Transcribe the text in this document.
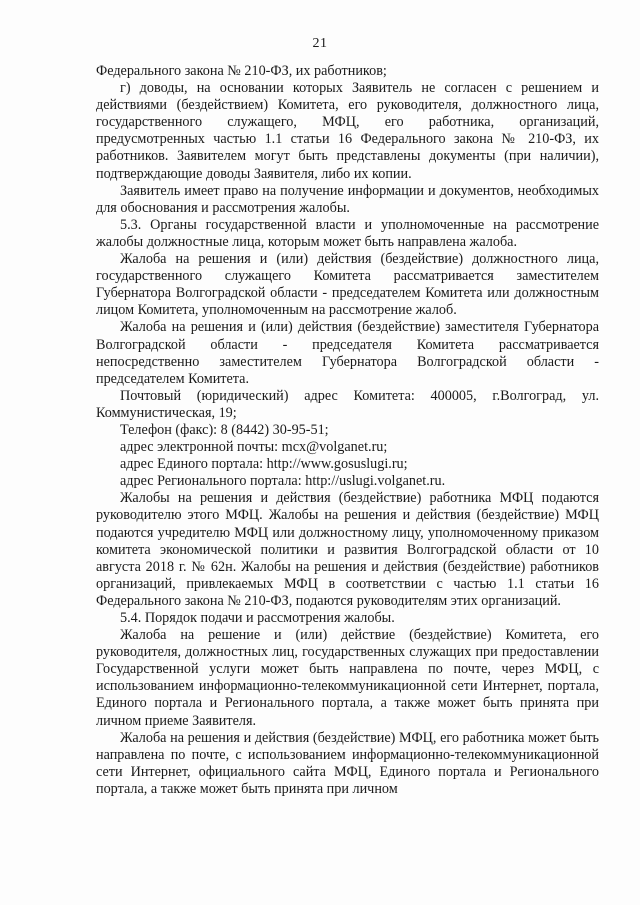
21

Федерального закона № 210-ФЗ, их работников;

г) доводы, на основании которых Заявитель не согласен с решением и действиями (бездействием) Комитета, его руководителя, должностного лица, государственного служащего, МФЦ, его работника, организаций, предусмотренных частью 1.1 статьи 16 Федерального закона № 210-ФЗ, их работников. Заявителем могут быть представлены документы (при наличии), подтверждающие доводы Заявителя, либо их копии.

Заявитель имеет право на получение информации и документов, необходимых для обоснования и рассмотрения жалобы.

5.3. Органы государственной власти и уполномоченные на рассмотрение жалобы должностные лица, которым может быть направлена жалоба.

Жалоба на решения и (или) действия (бездействие) должностного лица, государственного служащего Комитета рассматривается заместителем Губернатора Волгоградской области - председателем Комитета или должностным лицом Комитета, уполномоченным на рассмотрение жалоб.

Жалоба на решения и (или) действия (бездействие) заместителя Губернатора Волгоградской области - председателя Комитета рассматривается непосредственно заместителем Губернатора Волгоградской области - председателем Комитета.

Почтовый (юридический) адрес Комитета: 400005, г.Волгоград, ул. Коммунистическая, 19;

Телефон (факс): 8 (8442) 30-95-51;

адрес электронной почты: mcx@volganet.ru;

адрес Единого портала: http://www.gosuslugi.ru;

адрес Регионального портала: http://uslugi.volganet.ru.

Жалобы на решения и действия (бездействие) работника МФЦ подаются руководителю этого МФЦ. Жалобы на решения и действия (бездействие) МФЦ подаются учредителю МФЦ или должностному лицу, уполномоченному приказом комитета экономической политики и развития Волгоградской области от 10 августа 2018 г. № 62н. Жалобы на решения и действия (бездействие) работников организаций, привлекаемых МФЦ в соответствии с частью 1.1 статьи 16 Федерального закона № 210-ФЗ, подаются руководителям этих организаций.

5.4. Порядок подачи и рассмотрения жалобы.

Жалоба на решение и (или) действие (бездействие) Комитета, его руководителя, должностных лиц, государственных служащих при предоставлении Государственной услуги может быть направлена по почте, через МФЦ, с использованием информационно-телекоммуникационной сети Интернет, портала, Единого портала и Регионального портала, а также может быть принята при личном приеме Заявителя.

Жалоба на решения и действия (бездействие) МФЦ, его работника может быть направлена по почте, с использованием информационно-телекоммуникационной сети Интернет, официального сайта МФЦ, Единого портала и Регионального портала, а также может быть принята при личном
